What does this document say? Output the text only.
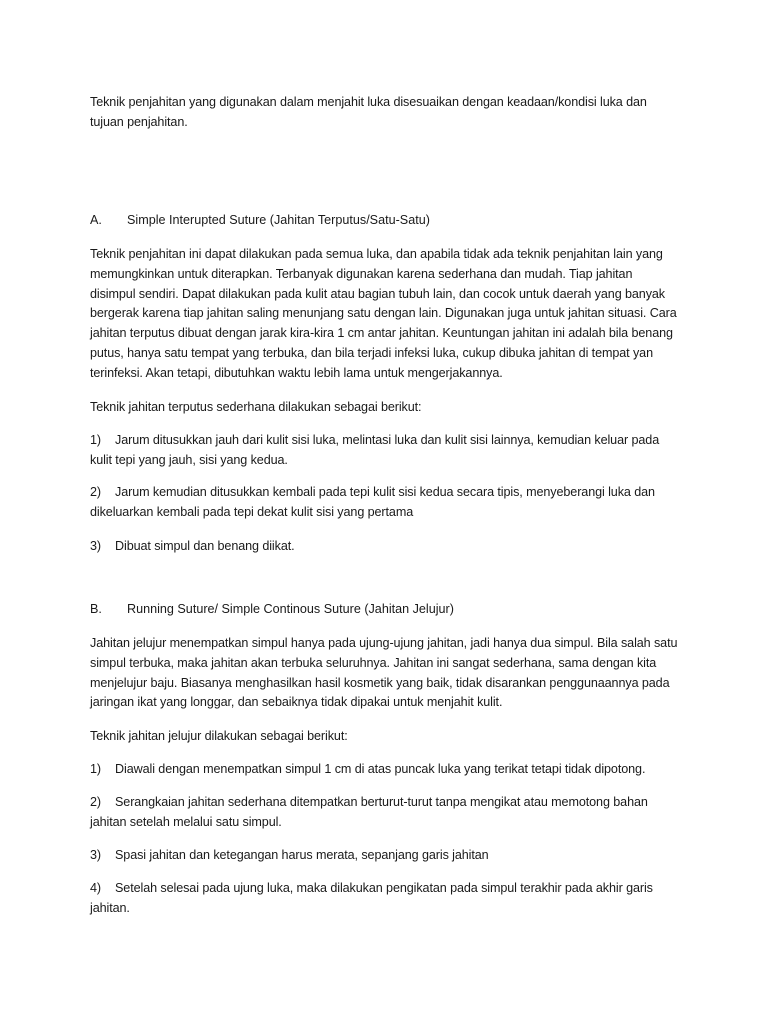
Teknik penjahitan yang digunakan dalam menjahit luka disesuaikan dengan keadaan/kondisi luka dan tujuan penjahitan.

A. Simple Interupted Suture (Jahitan Terputus/Satu-Satu)

Teknik penjahitan ini dapat dilakukan pada semua luka, dan apabila tidak ada teknik penjahitan lain yang memungkinkan untuk diterapkan. Terbanyak digunakan karena sederhana dan mudah. Tiap jahitan disimpul sendiri. Dapat dilakukan pada kulit atau bagian tubuh lain, dan cocok untuk daerah yang banyak bergerak karena tiap jahitan saling menunjang satu dengan lain. Digunakan juga untuk jahitan situasi. Cara jahitan terputus dibuat dengan jarak kira-kira 1 cm antar jahitan. Keuntungan jahitan ini adalah bila benang putus, hanya satu tempat yang terbuka, dan bila terjadi infeksi luka, cukup dibuka jahitan di tempat yan terinfeksi. Akan tetapi, dibutuhkan waktu lebih lama untuk mengerjakannya.

Teknik jahitan terputus sederhana dilakukan sebagai berikut:

1) Jarum ditusukkan jauh dari kulit sisi luka, melintasi luka dan kulit sisi lainnya, kemudian keluar pada kulit tepi yang jauh, sisi yang kedua.

2) Jarum kemudian ditusukkan kembali pada tepi kulit sisi kedua secara tipis, menyeberangi luka dan dikeluarkan kembali pada tepi dekat kulit sisi yang pertama

3) Dibuat simpul dan benang diikat.

B. Running Suture/ Simple Continous Suture (Jahitan Jelujur)

Jahitan jelujur menempatkan simpul hanya pada ujung-ujung jahitan, jadi hanya dua simpul. Bila salah satu simpul terbuka, maka jahitan akan terbuka seluruhnya. Jahitan ini sangat sederhana, sama dengan kita menjelujur baju. Biasanya menghasilkan hasil kosmetik yang baik, tidak disarankan penggunaannya pada jaringan ikat yang longgar, dan sebaiknya tidak dipakai untuk menjahit kulit.

Teknik jahitan jelujur dilakukan sebagai berikut:

1) Diawali dengan menempatkan simpul 1 cm di atas puncak luka yang terikat tetapi tidak dipotong.

2) Serangkaian jahitan sederhana ditempatkan berturut-turut tanpa mengikat atau memotong bahan jahitan setelah melalui satu simpul.

3) Spasi jahitan dan ketegangan harus merata, sepanjang garis jahitan

4) Setelah selesai pada ujung luka, maka dilakukan pengikatan pada simpul terakhir pada akhir garis jahitan.
